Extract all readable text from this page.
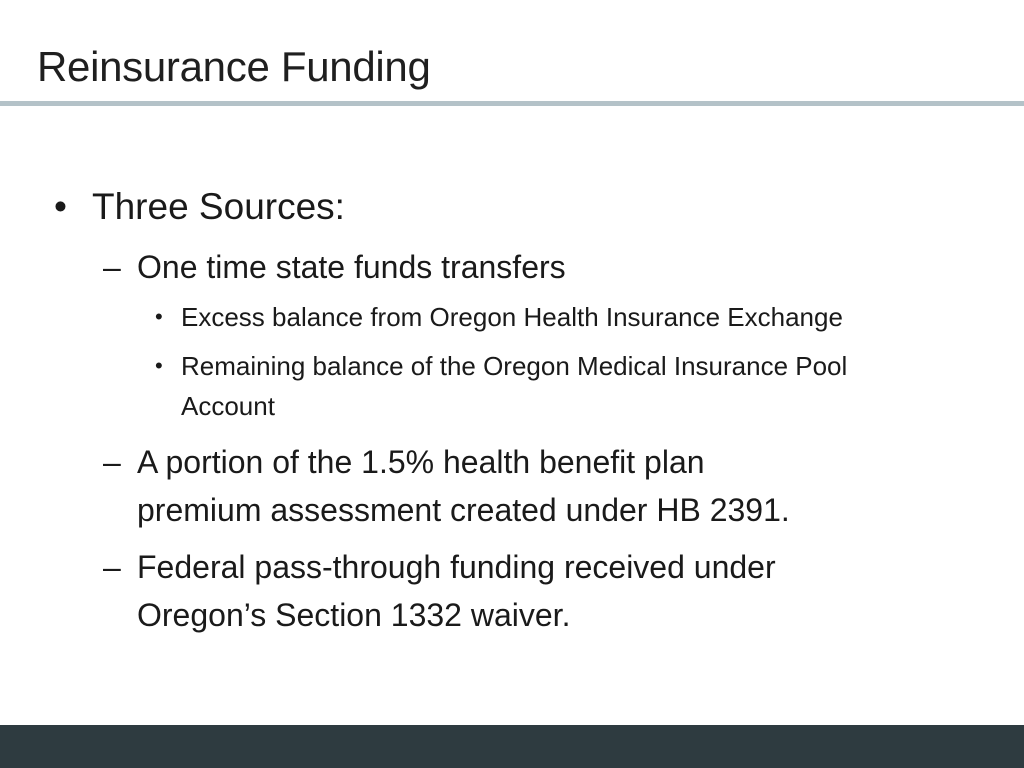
Reinsurance Funding
• Three Sources:
– One time state funds transfers
• Excess balance from Oregon Health Insurance Exchange
• Remaining balance of the Oregon Medical Insurance Pool Account
– A portion of the 1.5% health benefit plan premium assessment created under HB 2391.
– Federal pass-through funding received under Oregon’s Section 1332 waiver.
